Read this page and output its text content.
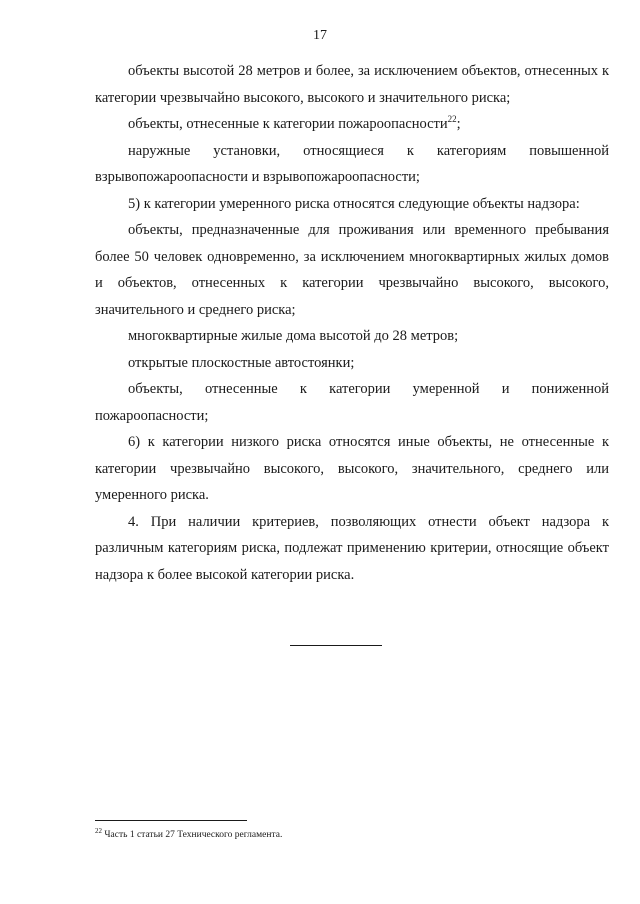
17

объекты высотой 28 метров и более, за исключением объектов, отнесенных к категории чрезвычайно высокого, высокого и значительного риска;

объекты, отнесенные к категории пожароопасности$^{22}$;

наружные установки, относящиеся к категориям повышенной взрывопожароопасности и взрывопожароопасности;

5) к категории умеренного риска относятся следующие объекты надзора:

объекты, предназначенные для проживания или временного пребывания более 50 человек одновременно, за исключением многоквартирных жилых домов и объектов, отнесенных к категории чрезвычайно высокого, высокого, значительного и среднего риска;

многоквартирные жилые дома высотой до 28 метров;

открытые плоскостные автостоянки;

объекты, отнесенные к категории умеренной и пониженной пожароопасности;

6) к категории низкого риска относятся иные объекты, не отнесенные к категории чрезвычайно высокого, высокого, значительного, среднего или умеренного риска.

4. При наличии критериев, позволяющих отнести объект надзора к различным категориям риска, подлежат применению критерии, относящие объект надзора к более высокой категории риска.

$^{22}$ Часть 1 статьи 27 Технического регламента.
